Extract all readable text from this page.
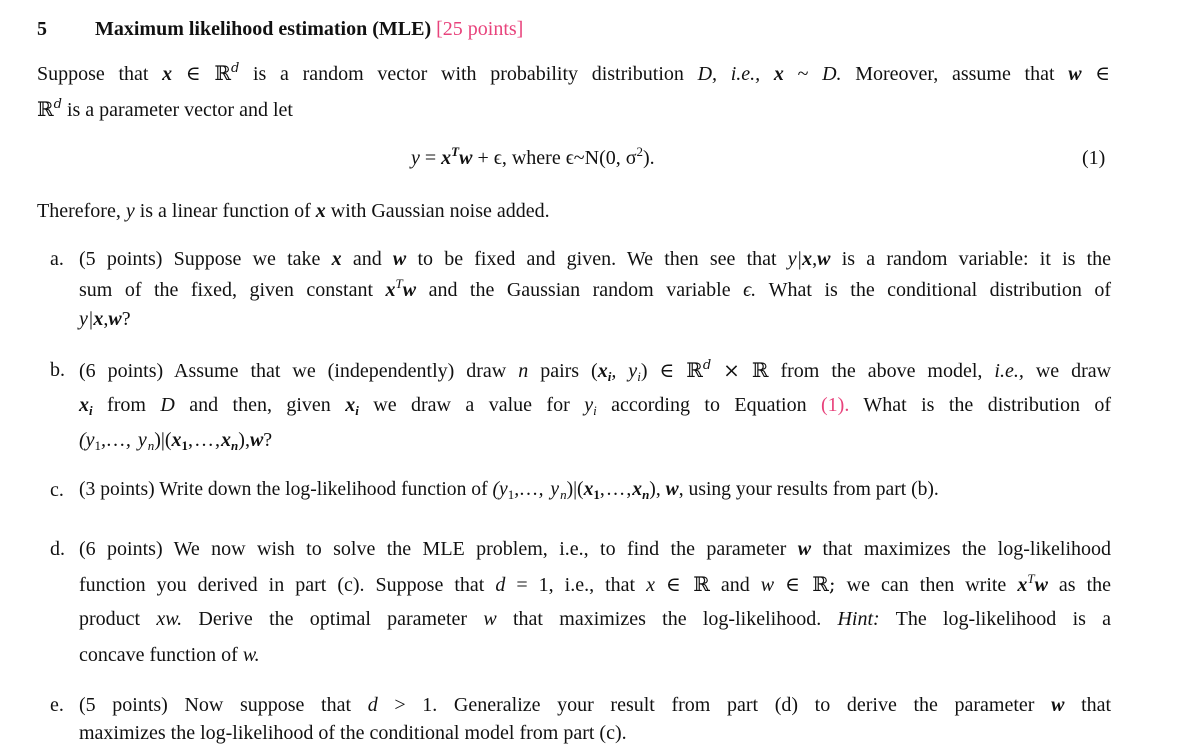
5 Maximum likelihood estimation (MLE) [25 points]
Suppose that x ∈ ℝ$^d$ is a random vector with probability distribution D, i.e., x ~ D. Moreover, assume that w ∈
ℝ$^d$ is a parameter vector and let
$y = x^Tw + \epsilon$, where ϵ~N(0, $\sigma^2$).	(1)
Therefore, y is a linear function of x with Gaussian noise added.
a. (5 points) Suppose we take x and w to be fixed and given. We then see that y|x,w is a random variable: it is the
sum of the fixed, given constant $x^Tw$ and the Gaussian random variable ϵ. What is the conditional distribution of
y|x,w?
b. (6 points) Assume that we (independently) draw n pairs ($x_i$, $y_i$) ∈ ℝ$^d$ × ℝ from the above model, i.e., we draw
$x_i$ from D and then, given $x_i$ we draw a value for $y_i$ according to Equation (1). What is the distribution of
($y_1,\dots$, $y_n)|(x_1,\dots,x_n),w$?
c. (3 points) Write down the log-likelihood function of ($y_1,\dots$, $y_n)|(x_1,\dots,x_n)$, w, using your results from part (b).
d. (6 points) We now wish to solve the MLE problem, i.e., to find the parameter w that maximizes the log-likelihood
function you derived in part (c). Suppose that d = 1, i.e., that x ∈ ℝ and w ∈ ℝ; we can then write $x^Tw$ as the
product xw. Derive the optimal parameter w that maximizes the log-likelihood. Hint: The log-likelihood is a
concave function of w.
e. (5 points) Now suppose that d > 1. Generalize your result from part (d) to derive the parameter w that
maximizes the log-likelihood of the conditional model from part (c).
